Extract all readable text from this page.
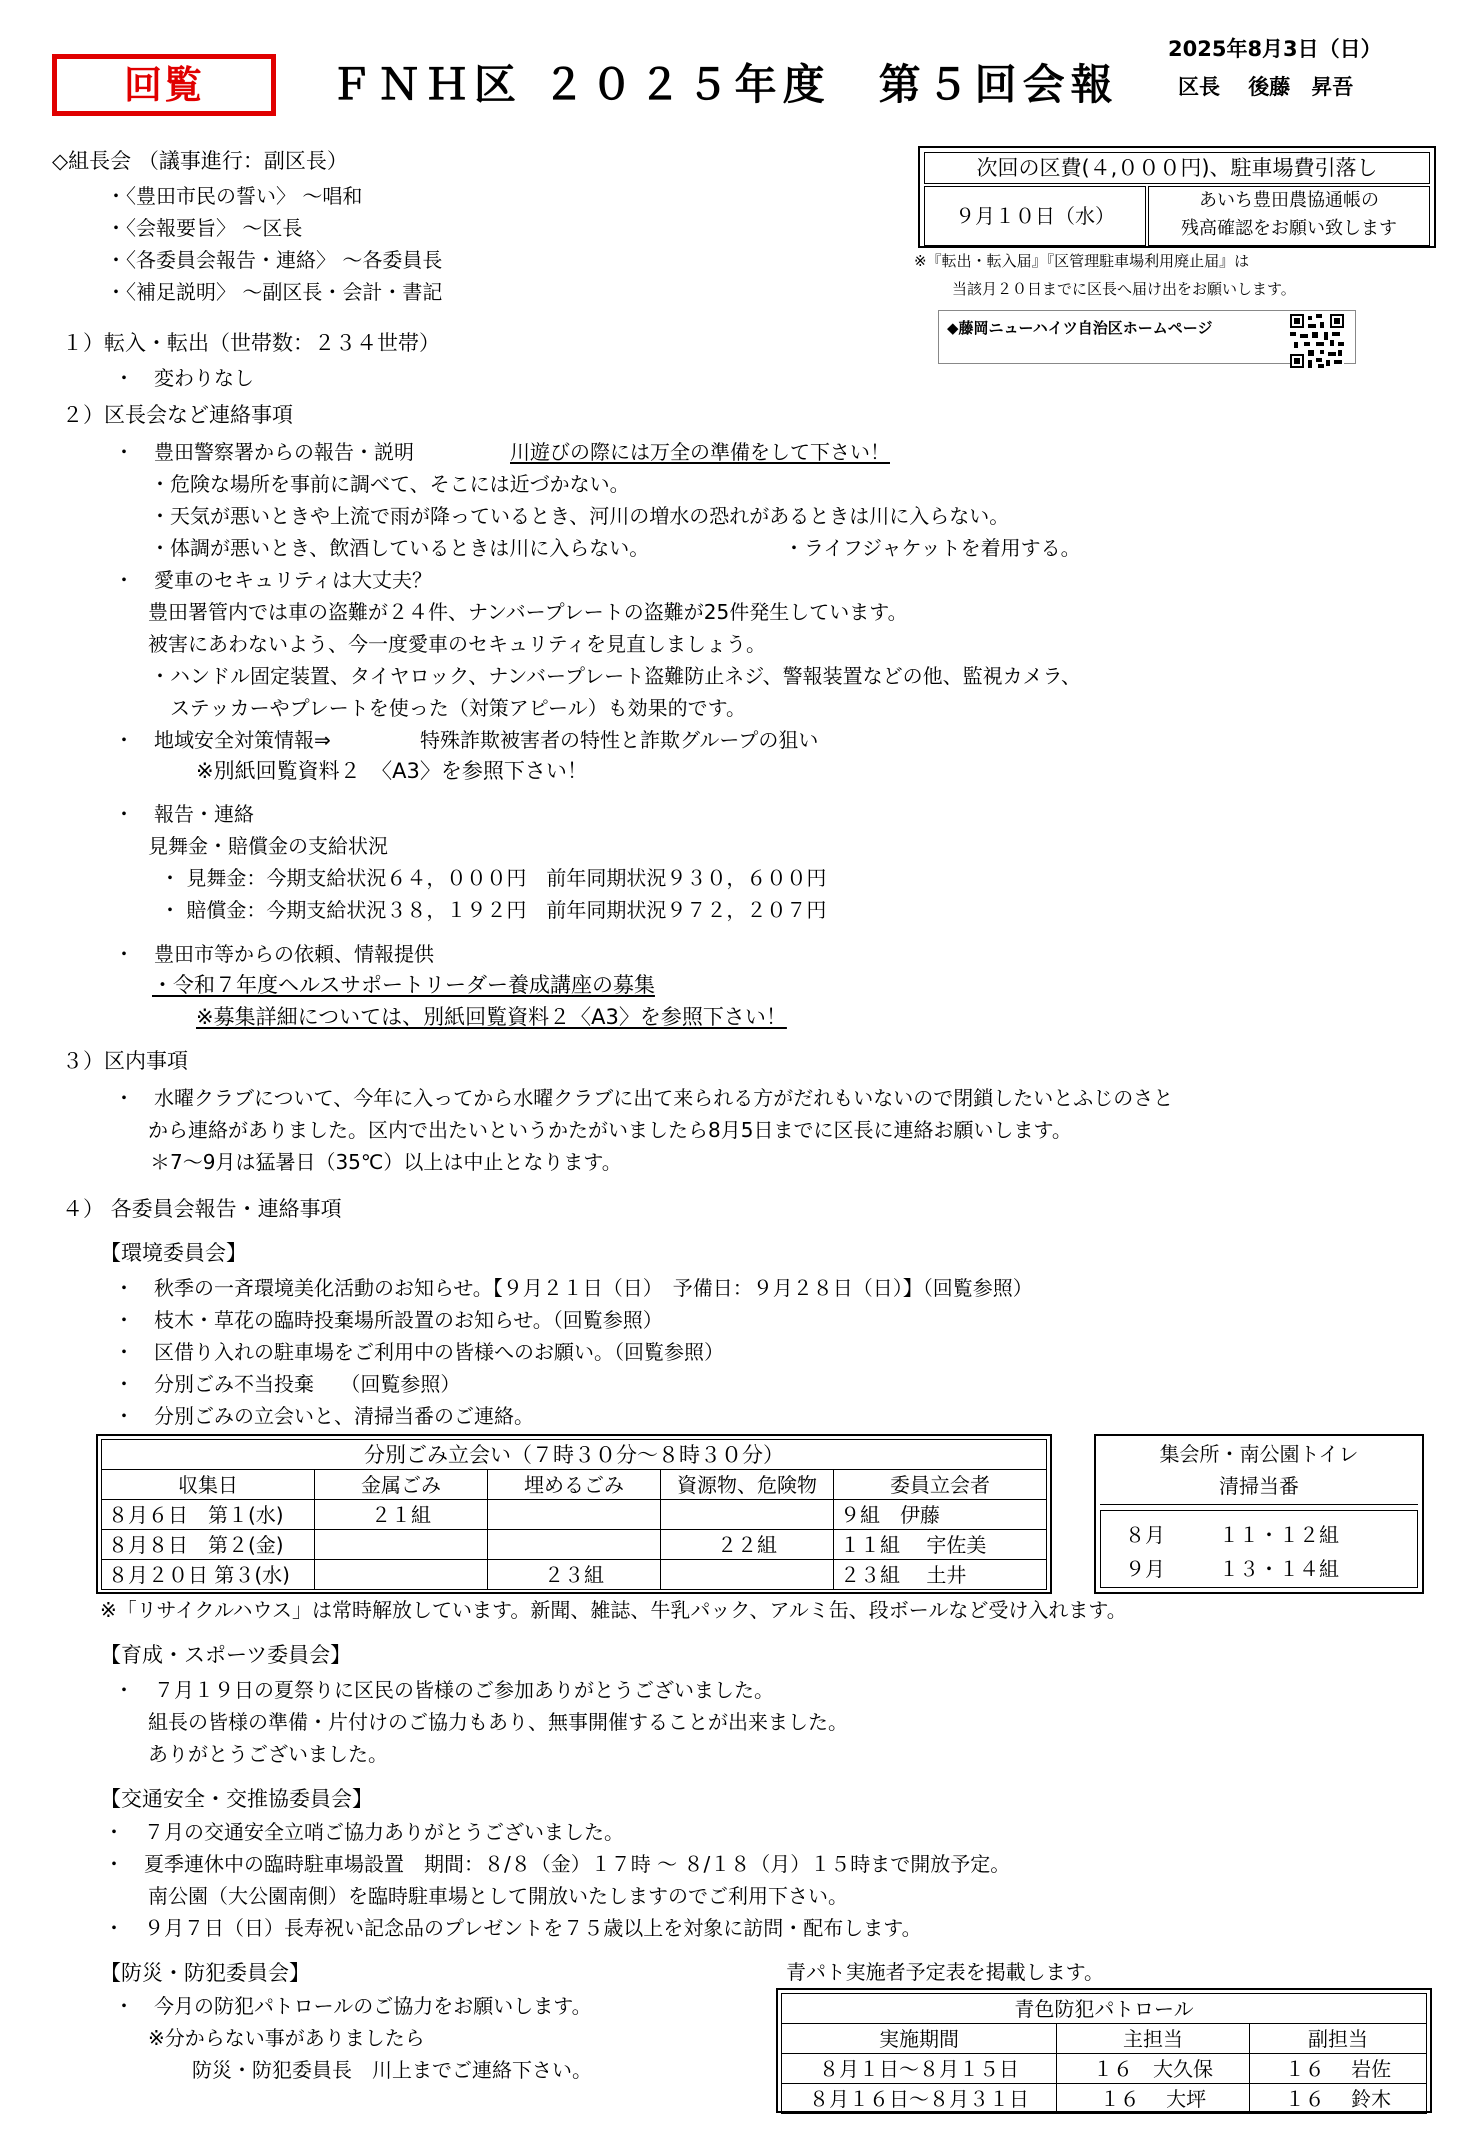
回覧	ＦＮＨ区 ２０２５年度　第５回会報
2025年8月3日（日）
区長　 後藤　昇吾
次回の区費(４,０００円)、駐車場費引落し
９月１０日（水）
あいち豊田農協通帳の
残高確認をお願い致します
※『転出・転入届』『区管理駐車場利用廃止届』は
当該月２０日までに区長へ届け出をお願いします。
◆藤岡ニューハイツ自治区ホームページ
◇組長会 （議事進行：副区長）
・〈豊田市民の誓い〉 ～唱和
・〈会報要旨〉 ～区長
・〈各委員会報告・連絡〉 ～各委員長
・〈補足説明〉 ～副区長・会計・書記
１）転入・転出（世帯数：２３４世帯）
・　変わりなし
２）区長会など連絡事項
・　豊田警察署からの報告・説明	川遊びの際には万全の準備をして下さい！
・危険な場所を事前に調べて、そこには近づかない。
・天気が悪いときや上流で雨が降っているとき、河川の増水の恐れがあるときは川に入らない。
・体調が悪いとき、飲酒しているときは川に入らない。	・ライフジャケットを着用する。
・　愛車のセキュリティは大丈夫？
豊田署管内では車の盗難が２４件、ナンバープレートの盗難が25件発生しています。
被害にあわないよう、今一度愛車のセキュリティを見直しましょう。
・ハンドル固定装置、タイヤロック、ナンバープレート盗難防止ネジ、警報装置などの他、監視カメラ、
ステッカーやプレートを使った（対策アピール）も効果的です。
・　地域安全対策情報⇒	特殊詐欺被害者の特性と詐欺グループの狙い
※別紙回覧資料２　〈A3〉を参照下さい！
・　報告・連絡
見舞金・賠償金の支給状況
・ 見舞金：今期支給状況６４，０００円　前年同期状況９３０，６００円
・ 賠償金：今期支給状況３８，１９２円　前年同期状況９７２，２０７円
・　豊田市等からの依頼、情報提供
・令和７年度ヘルスサポートリーダー養成講座の募集
※募集詳細については、別紙回覧資料２〈A3〉を参照下さい！
３）区内事項
・　水曜クラブについて、今年に入ってから水曜クラブに出て来られる方がだれもいないので閉鎖したいとふじのさと
から連絡がありました。区内で出たいというかたがいましたら8月5日までに区長に連絡お願いします。
＊7～9月は猛暑日（35℃）以上は中止となります。
４） 各委員会報告・連絡事項
【環境委員会】
・　秋季の一斉環境美化活動のお知らせ。【９月２１日（日）　予備日：９月２８日（日）】（回覧参照）
・　枝木・草花の臨時投棄場所設置のお知らせ。（回覧参照）
・　区借り入れの駐車場をご利用中の皆様へのお願い。（回覧参照）
・　分別ごみ不当投棄　 （回覧参照）
・　分別ごみの立会いと、清掃当番のご連絡。
分別ごみ立会い（７時３０分～８時３０分）				
収集日	金属ごみ	埋めるごみ	資源物、危険物	委員立会者
８月６日　第１(水)	２１組			９組　伊藤
８月８日　第２(金)			２２組	１１組　 宇佐美
８月２０日 第３(水)		２３組		２３組　 土井
集会所・南公園トイレ
清掃当番
８月	１１・１２組
９月	１３・１４組
※「リサイクルハウス」は常時解放しています。新聞、雑誌、牛乳パック、アルミ缶、段ボールなど受け入れます。
【育成・スポーツ委員会】
・　７月１９日の夏祭りに区民の皆様のご参加ありがとうございました。
組長の皆様の準備・片付けのご協力もあり、無事開催することが出来ました。
ありがとうございました。
【交通安全・交推協委員会】
・　７月の交通安全立哨ご協力ありがとうございました。
・　夏季連休中の臨時駐車場設置　期間：８/８（金）１７時 ～ ８/１８（月）１５時まで開放予定。
南公園（大公園南側）を臨時駐車場として開放いたしますのでご利用下さい。
・　９月７日（日）長寿祝い記念品のプレゼントを７５歳以上を対象に訪問・配布します。
【防災・防犯委員会】
・　今月の防犯パトロールのご協力をお願いします。
※分からない事がありましたら
防災・防犯委員長　川上までご連絡下さい。
青パト実施者予定表を掲載します。
青色防犯パトロール		
実施期間	主担当	副担当
８月１日～８月１５日	１６　大久保	１６　 岩佐
８月１６日～８月３１日	１６　 大坪	１６　 鈴木
